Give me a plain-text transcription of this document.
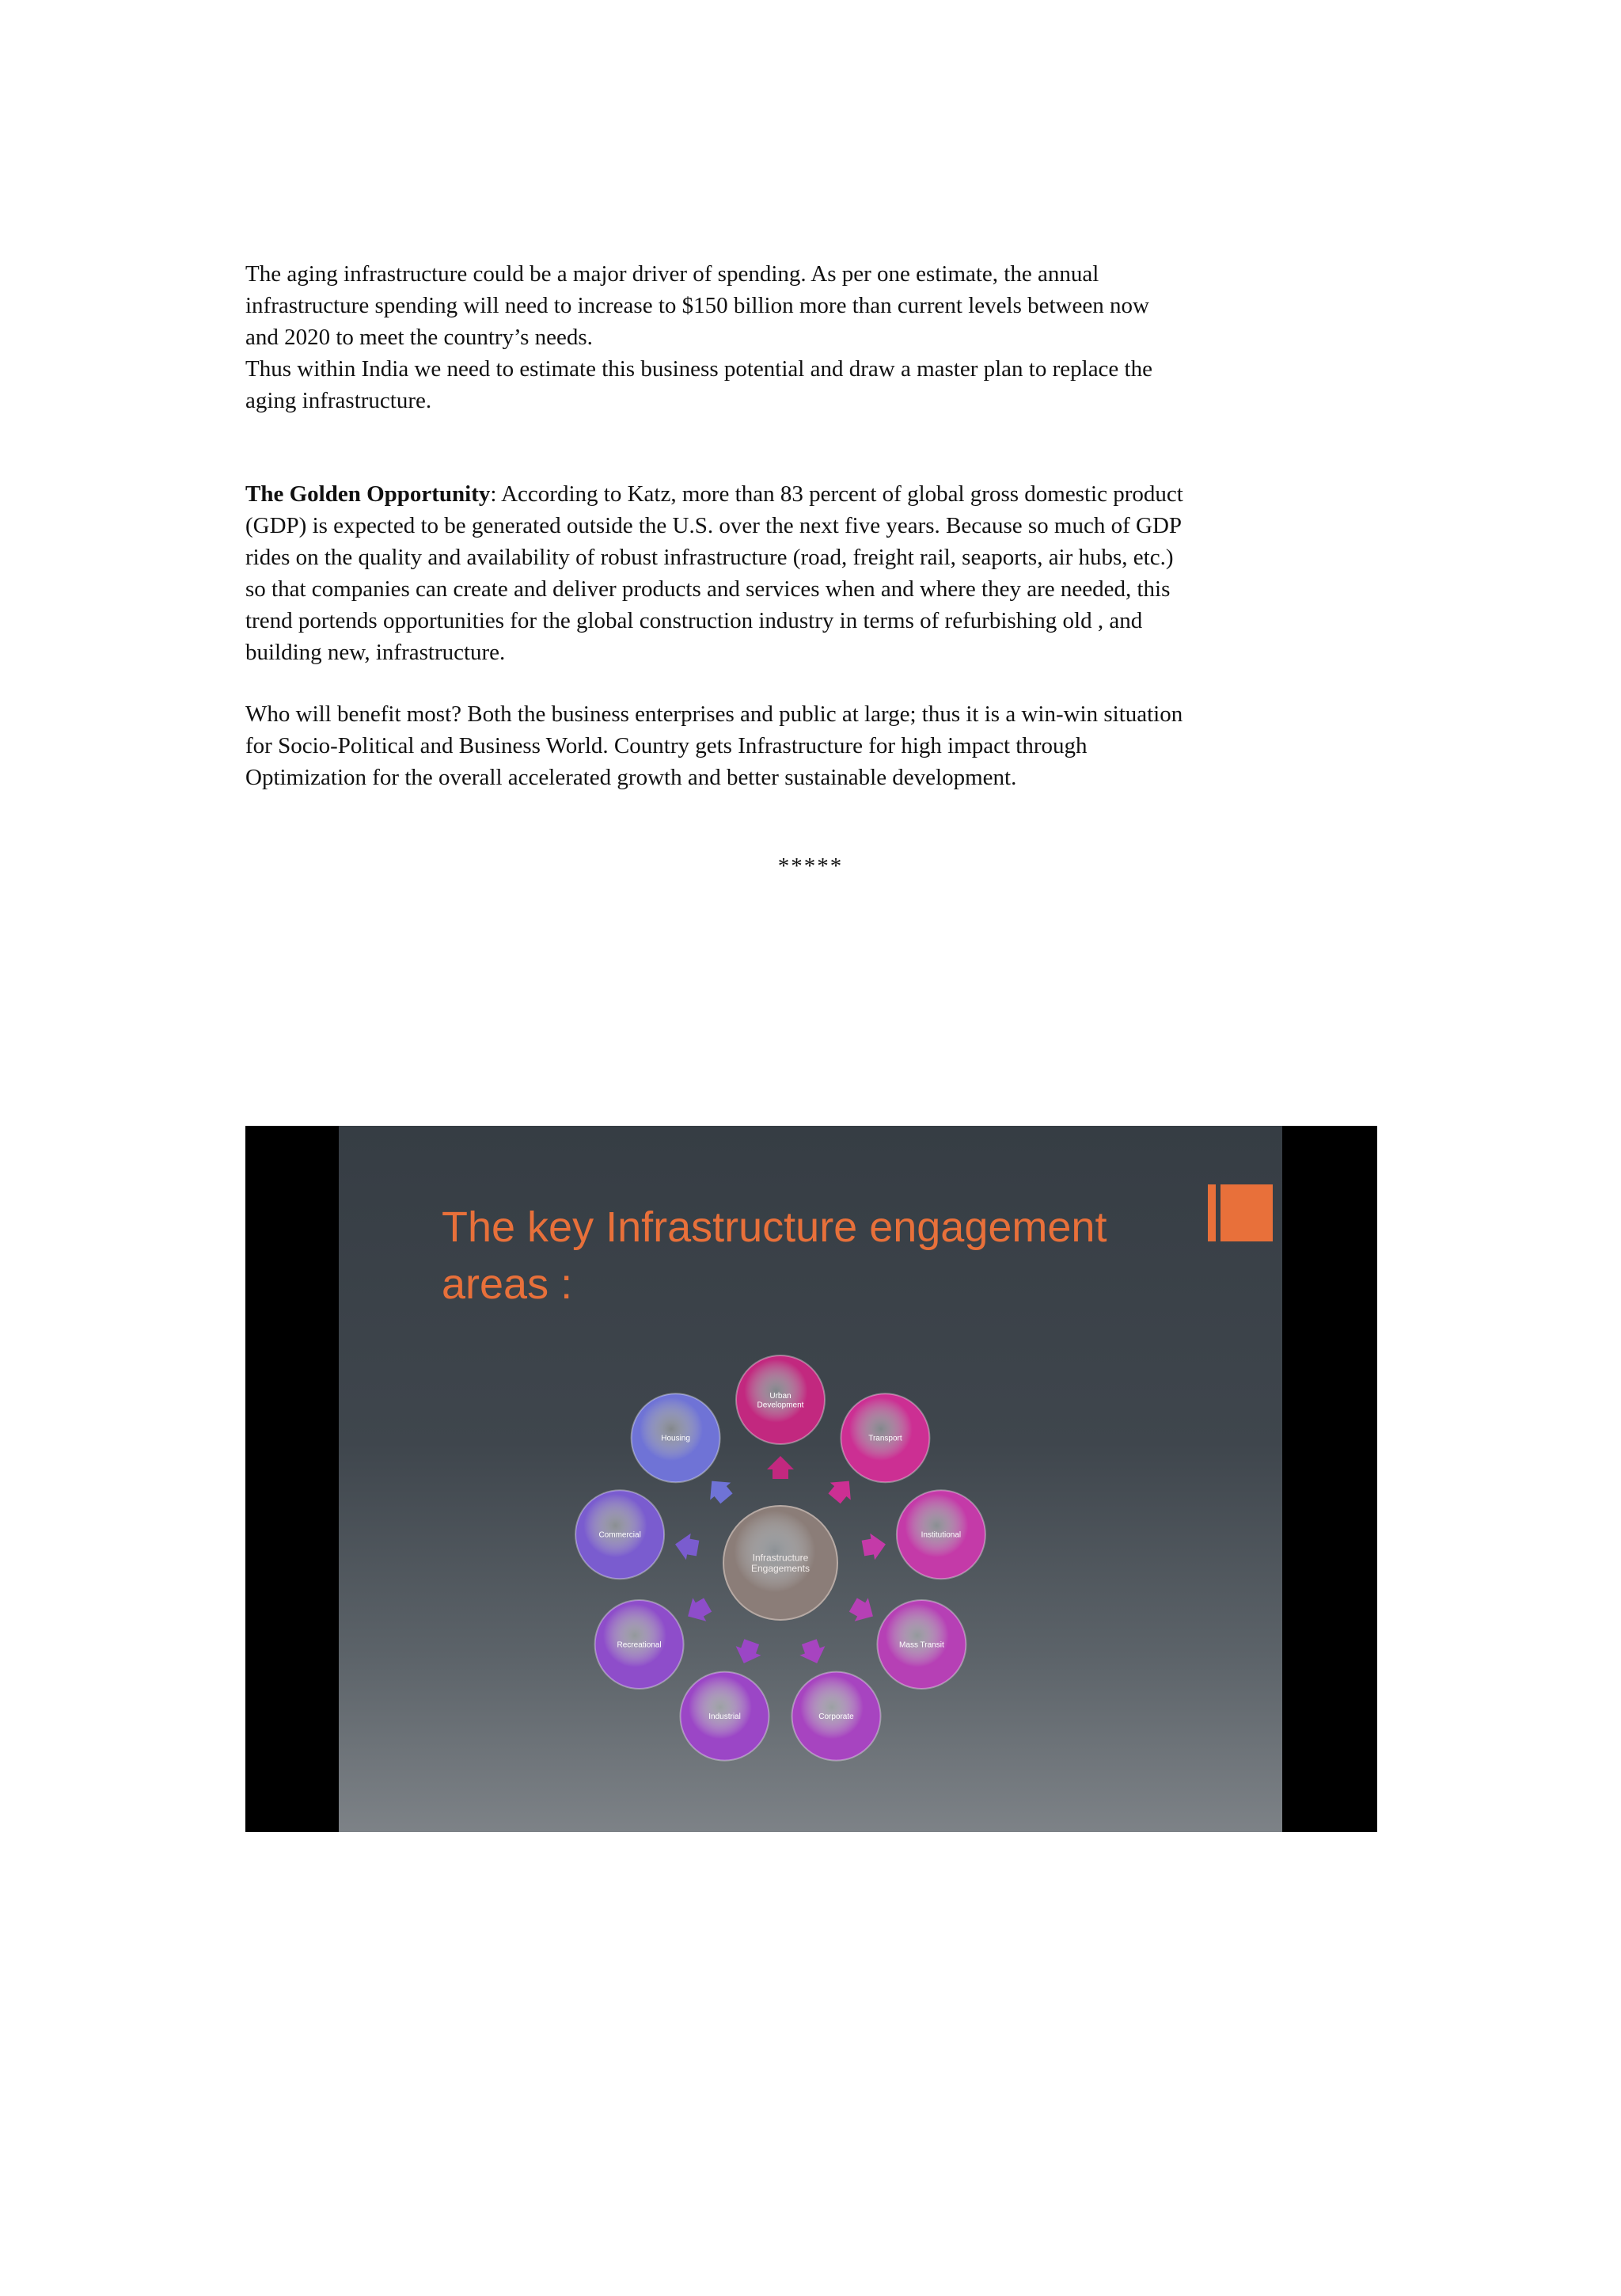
The aging infrastructure could be a major driver of spending. As per one estimate, the annual
infrastructure spending will need to increase to $150 billion more than current levels between now
and 2020 to meet the country’s needs.
Thus within India we need to estimate this business potential and draw a master plan to replace the
aging infrastructure.
The Golden Opportunity: According to Katz, more than 83 percent of global gross domestic product
(GDP) is expected to be generated outside the U.S. over the next five years. Because so much of GDP
rides on the quality and availability of robust infrastructure (road, freight rail, seaports, air hubs, etc.)
so that companies can create and deliver products and services when and where they are needed, this
trend portends opportunities for the global construction industry in terms of refurbishing old , and
building new, infrastructure.
Who will benefit most? Both the business enterprises and public at large; thus it is a win-win situation
for Socio-Political and Business World. Country gets Infrastructure for high impact through
Optimization for the overall accelerated growth and better sustainable development.
*****
The key Infrastructure engagement
areas :
Infrastructure Engagements
Urban Development
Transport
Institutional
Mass Transit
Corporate
Industrial
Recreational
Commercial
Housing
